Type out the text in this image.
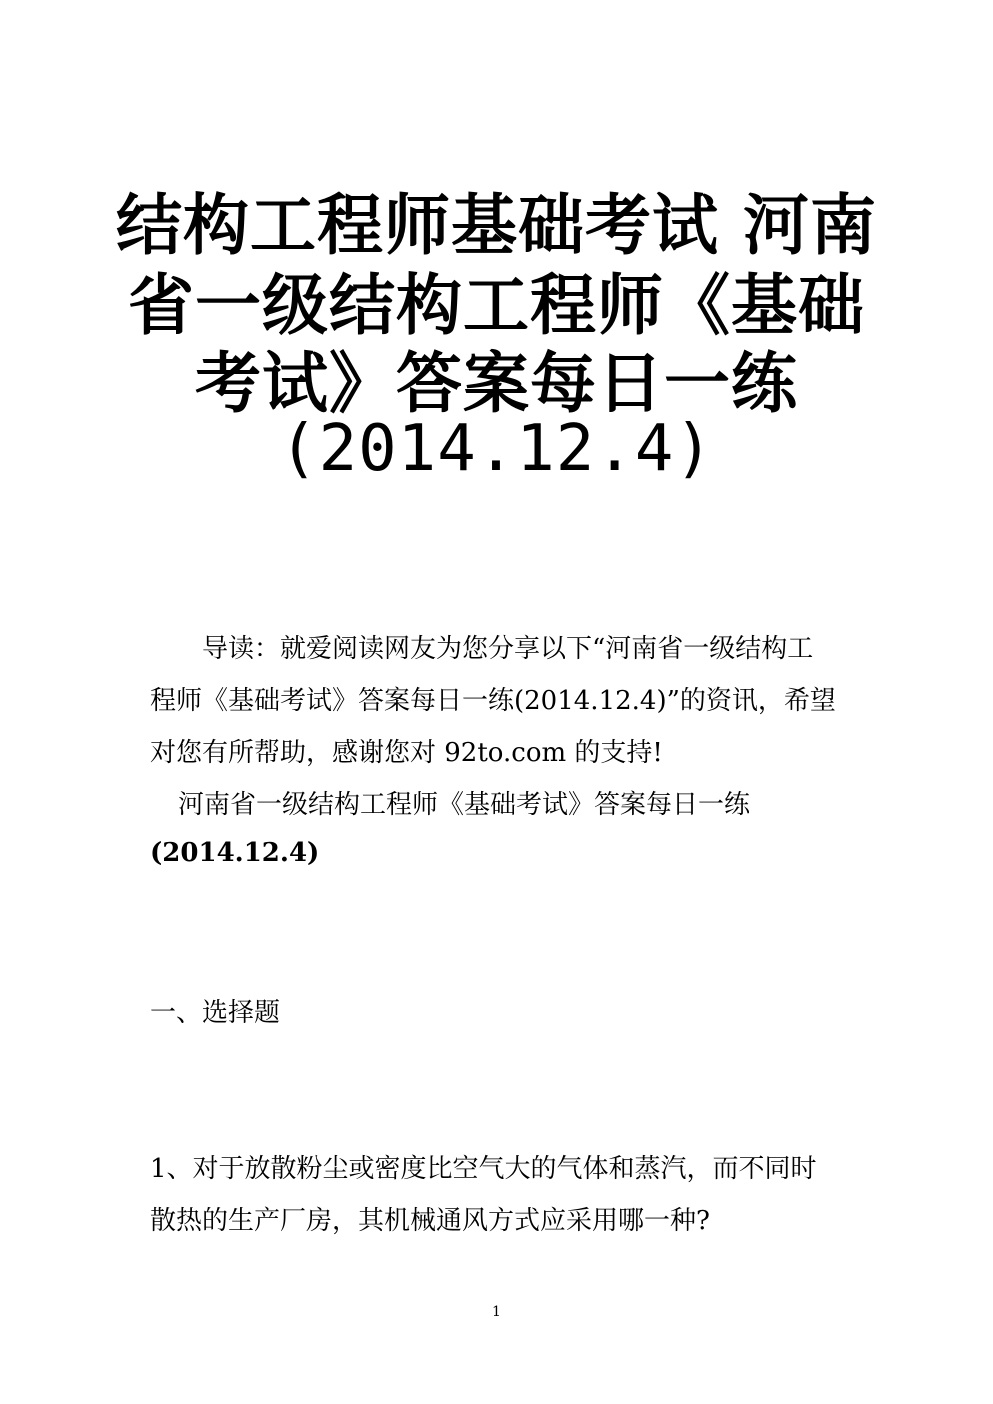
结构工程师基础考试 河南
省一级结构工程师《基础
考试》答案每日一练
(2014.12.4)
导读：就爱阅读网友为您分享以下“河南省一级结构工
程师《基础考试》答案每日一练(2014.12.4)”的资讯，希望
对您有所帮助，感谢您对 92to.com 的支持!
河南省一级结构工程师《基础考试》答案每日一练
(2014.12.4)
一、选择题
1、对于放散粉尘或密度比空气大的气体和蒸汽，而不同时
散热的生产厂房，其机械通风方式应采用哪一种?
1
